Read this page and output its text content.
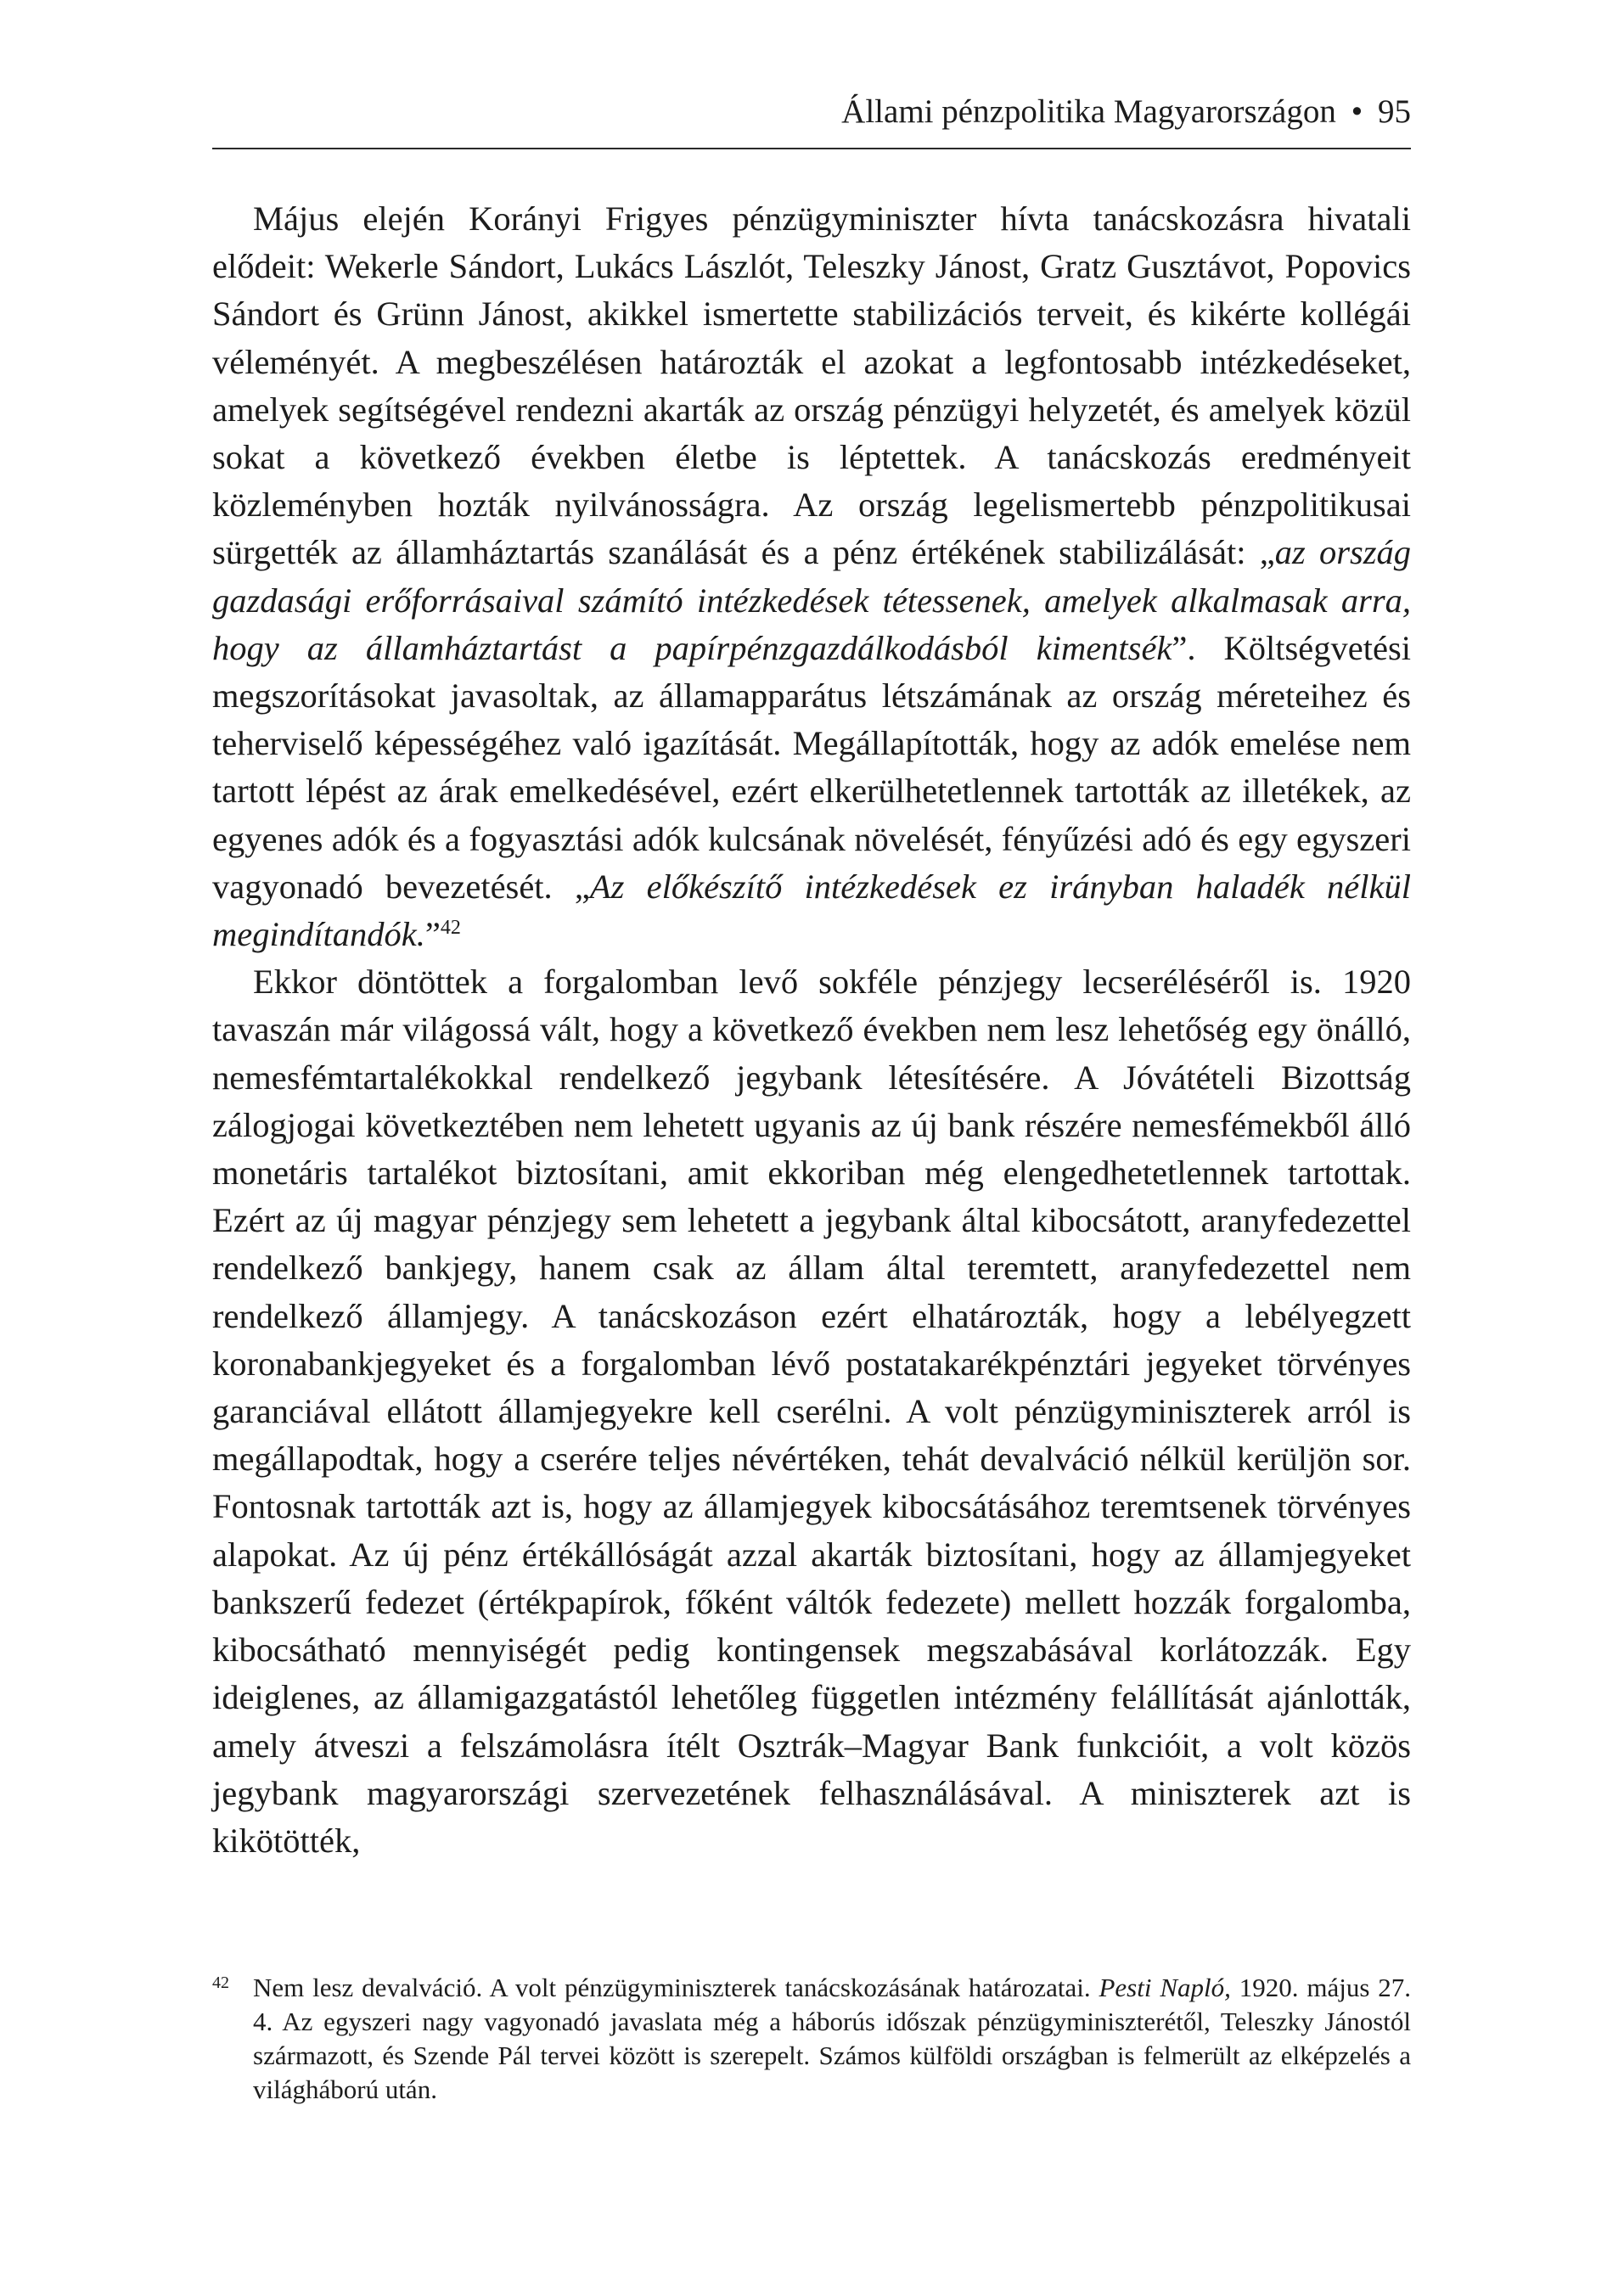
Állami pénzpolitika Magyarországon • 95

Május elején Korányi Frigyes pénzügyminiszter hívta tanácskozásra hivatali elődeit: Wekerle Sándort, Lukács Lászlót, Teleszky Jánost, Gratz Gusztávot, Popovics Sándort és Grünn Jánost, akikkel ismertette stabilizációs terveit, és kikérte kollégái véleményét. A megbeszélésen határozták el azokat a legfontosabb intézkedéseket, amelyek segítségével rendezni akarták az ország pénzügyi helyzetét, és amelyek közül sokat a következő években életbe is léptettek. A tanácskozás eredményeit közleményben hozták nyilvánosságra. Az ország legelismertebb pénzpolitikusai sürgették az államháztartás szanálását és a pénz értékének stabilizálását: „az ország gazdasági erőforrásaival számító intézkedések tétessenek, amelyek alkalmasak arra, hogy az államháztartást a papírpénzgazdálkodásból kimentsék”. Költségvetési megszorításokat javasoltak, az államapparátus létszámának az ország méreteihez és teherviselő képességéhez való igazítását. Megállapították, hogy az adók emelése nem tartott lépést az árak emelkedésével, ezért elkerülhetetlennek tartották az illetékek, az egyenes adók és a fogyasztási adók kulcsának növelését, fényűzési adó és egy egyszeri vagyonadó bevezetését. „Az előkészítő intézkedések ez irányban haladék nélkül megindítandók.”$^{42}$

Ekkor döntöttek a forgalomban levő sokféle pénzjegy lecseréléséről is. 1920 tavaszán már világossá vált, hogy a következő években nem lesz lehetőség egy önálló, nemesfémtartalékokkal rendelkező jegybank létesítésére. A Jóvátételi Bizottság zálogjogai következtében nem lehetett ugyanis az új bank részére nemesfémekből álló monetáris tartalékot biztosítani, amit ekkoriban még elengedhetetlennek tartottak. Ezért az új magyar pénzjegy sem lehetett a jegybank által kibocsátott, aranyfedezettel rendelkező bankjegy, hanem csak az állam által teremtett, aranyfedezettel nem rendelkező államjegy. A tanácskozáson ezért elhatározták, hogy a lebélyegzett koronabankjegyeket és a forgalomban lévő postatakarékpénztári jegyeket törvényes garanciával ellátott államjegyekre kell cserélni. A volt pénzügyminiszterek arról is megállapodtak, hogy a cserére teljes névértéken, tehát devalváció nélkül kerüljön sor. Fontosnak tartották azt is, hogy az államjegyek kibocsátásához teremtsenek törvényes alapokat. Az új pénz értékállóságát azzal akarták biztosítani, hogy az államjegyeket bankszerű fedezet (értékpapírok, főként váltók fedezete) mellett hozzák forgalomba, kibocsátható mennyiségét pedig kontingensek megszabásával korlátozzák. Egy ideiglenes, az államigazgatástól lehetőleg független intézmény felállítását ajánlották, amely átveszi a felszámolásra ítélt Osztrák–Magyar Bank funkcióit, a volt közös jegybank magyarországi szervezetének felhasználásával. A miniszterek azt is kikötötték,

42 Nem lesz devalváció. A volt pénzügyminiszterek tanácskozásának határozatai. Pesti Napló, 1920. május 27. 4. Az egyszeri nagy vagyonadó javaslata még a háborús időszak pénzügyminiszterétől, Teleszky Jánostól származott, és Szende Pál tervei között is szerepelt. Számos külföldi országban is felmerült az elképzelés a világháború után.
